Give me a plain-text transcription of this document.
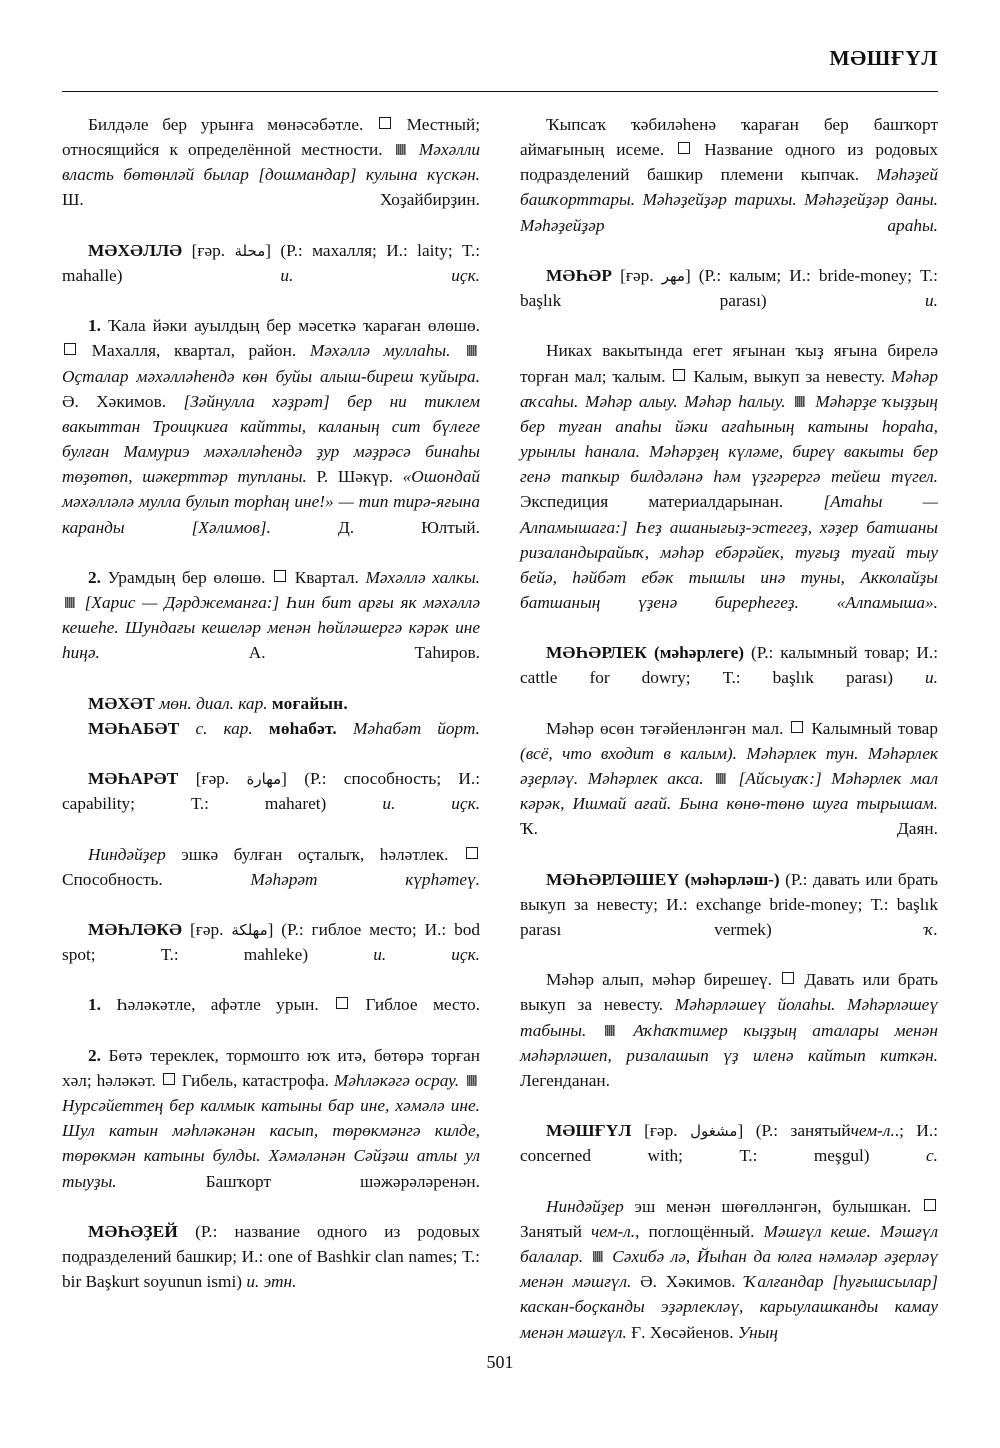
МӘШҒҮЛ

Билдәле бер урынға мөнәсәбәтле.	Местный; относящийся к определённой местности. Мәхәлли власть бөтөнләй былар [дошмандар] кулына күскән. Ш. Хоҙайбирҙин.

МӘХӘЛЛӘ [ғәр. محلة] (Р.: махалля; И.: laity; Т.: mahalle)	и. иҫк.

1. Ҡала йәки ауылдың бер мәсеткә ҡараған өлөшө.  Махалля, квартал, район. Мәхәллә муллаһы.  Оҫталар мәхәлләһендә көн буйы алыш-биреш ҡуйыра. Ә. Хәкимов. [Зәйнулла хәҙрәт] бер ни тиклем вакыттан Троицкиға кайтты, каланың сит бүлеге булған Мамуриэ мәхәлләһендә ҙур мәҙрәсә бинаһы төҙөтөп, шәкерттәр тупланы. Р. Шәкүр. «Ошондай мәхәлләлә мулла булып торһаң ине!» — тип тирә-яғына каранды [Хәлимов].	Д. Юлтый.

2. Урамдың бер өлөшө. Квартал. Мәхәллә халкы.  [Харис — Дәрджеманға:] Һин бит арғы як мәхәллә кешеһе. Шундағы кешеләр менән һөйләшергә кәрәк ине һиңә.	А. Таһиров.

МӘХӘТ мөн. диал. кар. моғайын.

МӘҺАБӘТ с. кар. мөһабәт. Мәһабәт йорт.

МӘҺАРӘТ [ғәр. مهارة] (Р.: способность; И.: capability; Т.: maharet)	и. иҫк.

Ниндәйҙер эшкә булған оҫталыҡ, һәләтлек.  Способность.	Мәһәрәт күрһәтеү.

МӘҺЛӘКӘ [ғәр. مهلكة] (Р.: гиблое место; И.: bod spot; Т.: mahleke)	и. иҫк.

1. Һәләкәтле, афәтле урын.	Гиблое место.

2. Бөтә тереклек, тормошто юҡ итә, бөтөрә торған хәл; һәләкәт. Гибель, катастрофа. Мәһләкәгә осрау.  Нурсәйеттең бер калмык катыны бар ине, хәмәлә ине. Шул катын мәһләкәнән касып, төрөкмәнгә килде, төрөкмән катыны булды. Хәмәләнән Сәйҙәш атлы ул тыуҙы.	Башҡорт шәжәрәләренән.

МӘҺӘҘЕЙ (Р.: название одного из родовых подразделений башкир; И.: one of Bashkir clan names; Т.: bir Başkurt soyunun ismi) и. этн.

Ҡыпсаҡ ҡәбиләһенә ҡараған бер башҡорт аймағының исеме. Название одного из родовых подразделений башкир племени кыпчак. Мәһәҙей башҡорттары. Мәһәҙейҙәр тарихы. Мәһәҙейҙәр даны. Мәһәҙейҙәр араһы.

МӘҺӘР [ғәр. مهر] (Р.: калым; И.: bride-money; Т.: başlık parası)	и.

Никах вакытында егет яғынан ҡыҙ яғына бирелә торған мал; ҡалым. Калым, выкуп за невесту. Мәһәр аҡсаһы. Мәһәр алыу. Мәһәр һалыу. Мәһәрҙе ҡыҙҙың бер туған апаһы йәки ағаһының катыны һораһа, урынлы һанала. Мәһәрҙең күләме, биреү вакыты бер генә тапкыр билдәләнә һәм үҙгәрергә тейеш түгел. Экспедиция материалдарынан. [Атаһы — Алпамышаға:] Һеҙ ашанығыҙ-эстегеҙ, хәҙер батшаны ризаландырайыҡ, мәһәр ебәрәйек, туғыҙ туғай тыу бейә, һәйбәт ебәк тышлы инә туны, Акколайҙы батшаның үҙенә бирерһегеҙ. «Алпамыша».

МӘҺӘРЛЕК (мәһәрлеге) (Р.: калымный товар; И.: cattle for dowry; Т.: başlık parası) и.

Мәһәр өсөн тәғәйенләнгән мал. Калымный товар (всё, что входит в калым). Мәһәрлек тун. Мәһәрлек әҙерләү. Мәһәрлек акса. [Айсыуаҡ:] Мәһәрлек мал кәрәк, Ишмай ағай. Бына көнө-төнө шуға тырышам. Ҡ. Даян.

МӘҺӘРЛӘШЕҮ (мәһәрләш-) (Р.: давать или брать выкуп за невесту; И.: exchange bride-money; Т.: başlık parası vermek)	ҡ.

Мәһәр алып, мәһәр бирешеү. Давать или брать выкуп за невесту. Мәһәрләшеү йолаһы. Мәһәрләшеү табыны.	Аҡһаҡтимер кыҙҙың аталары менән мәһәрләшеп, ризалашып үҙ иленә кайтып киткән. Легенданан.

МӘШҒҮЛ [ғәр. مشغول] (Р.: занятыйчем-л..; И.: concerned with; Т.: meşgul)	с.

Ниндәйҙер эш менән шөғөлләнгән, булышкан.  Занятый чем-л., поглощённый. Мәшғүл кеше. Мәшғүл балалар. Сәхибә лә, Йыһан да юлға нәмәләр әҙерләү менән мәшғүл. Ә. Хәкимов. Ҡалғандар [һуғышсылар] каскан-боҫканды эҙәрлекләү, карыулашканды камау менән мәшғүл. Ғ. Хөсәйенов. Уның

501
